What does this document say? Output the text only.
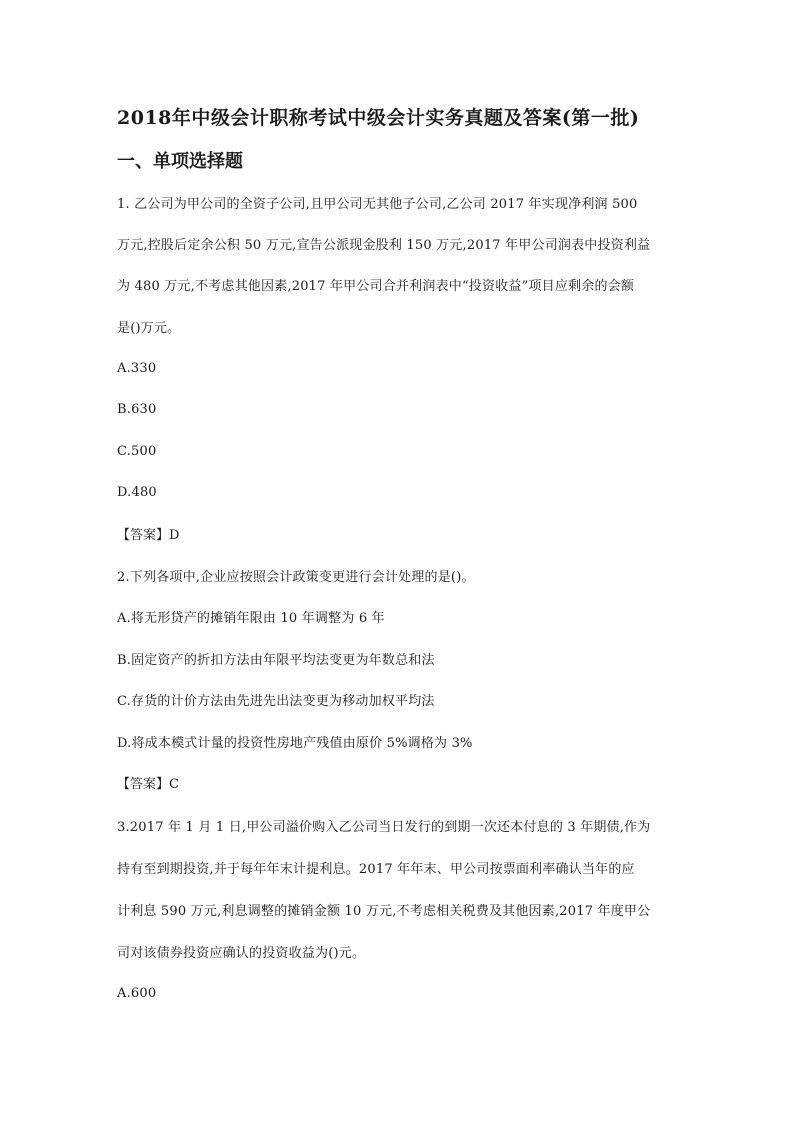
2018年中级会计职称考试中级会计实务真题及答案(第一批)
一、单项选择题
1. 乙公司为甲公司的全资子公司,且甲公司无其他子公司,乙公司 2017 年实现净利润 500
万元,控股后定余公积 50 万元,宣告公派现金股利 150 万元,2017 年甲公司润表中投资利益
为 480 万元,不考虑其他因素,2017 年甲公司合并利润表中“投资收益”项目应剩余的会额
是()万元。
A.330
B.630
C.500
D.480
【答案】D
2.下列各项中,企业应按照会计政策变更进行会计处理的是()。
A.将无形贷产的摊销年限由 10 年调整为 6 年
B.固定资产的折扣方法由年限平均法变更为年数总和法
C.存货的计价方法由先进先出法变更为移动加权平均法
D.将成本模式计量的投资性房地产残值由原价 5%调格为 3%
【答案】C
3.2017 年 1 月 1 日,甲公司溢价购入乙公司当日发行的到期一次还本付息的 3 年期债,作为
持有至到期投资,并于每年年末计提利息。2017 年年末、甲公司按票面利率确认当年的应
计利息 590 万元,利息调整的摊销金额 10 万元,不考虑相关税费及其他因素,2017 年度甲公
司对该债券投资应确认的投资收益为()元。
A.600
